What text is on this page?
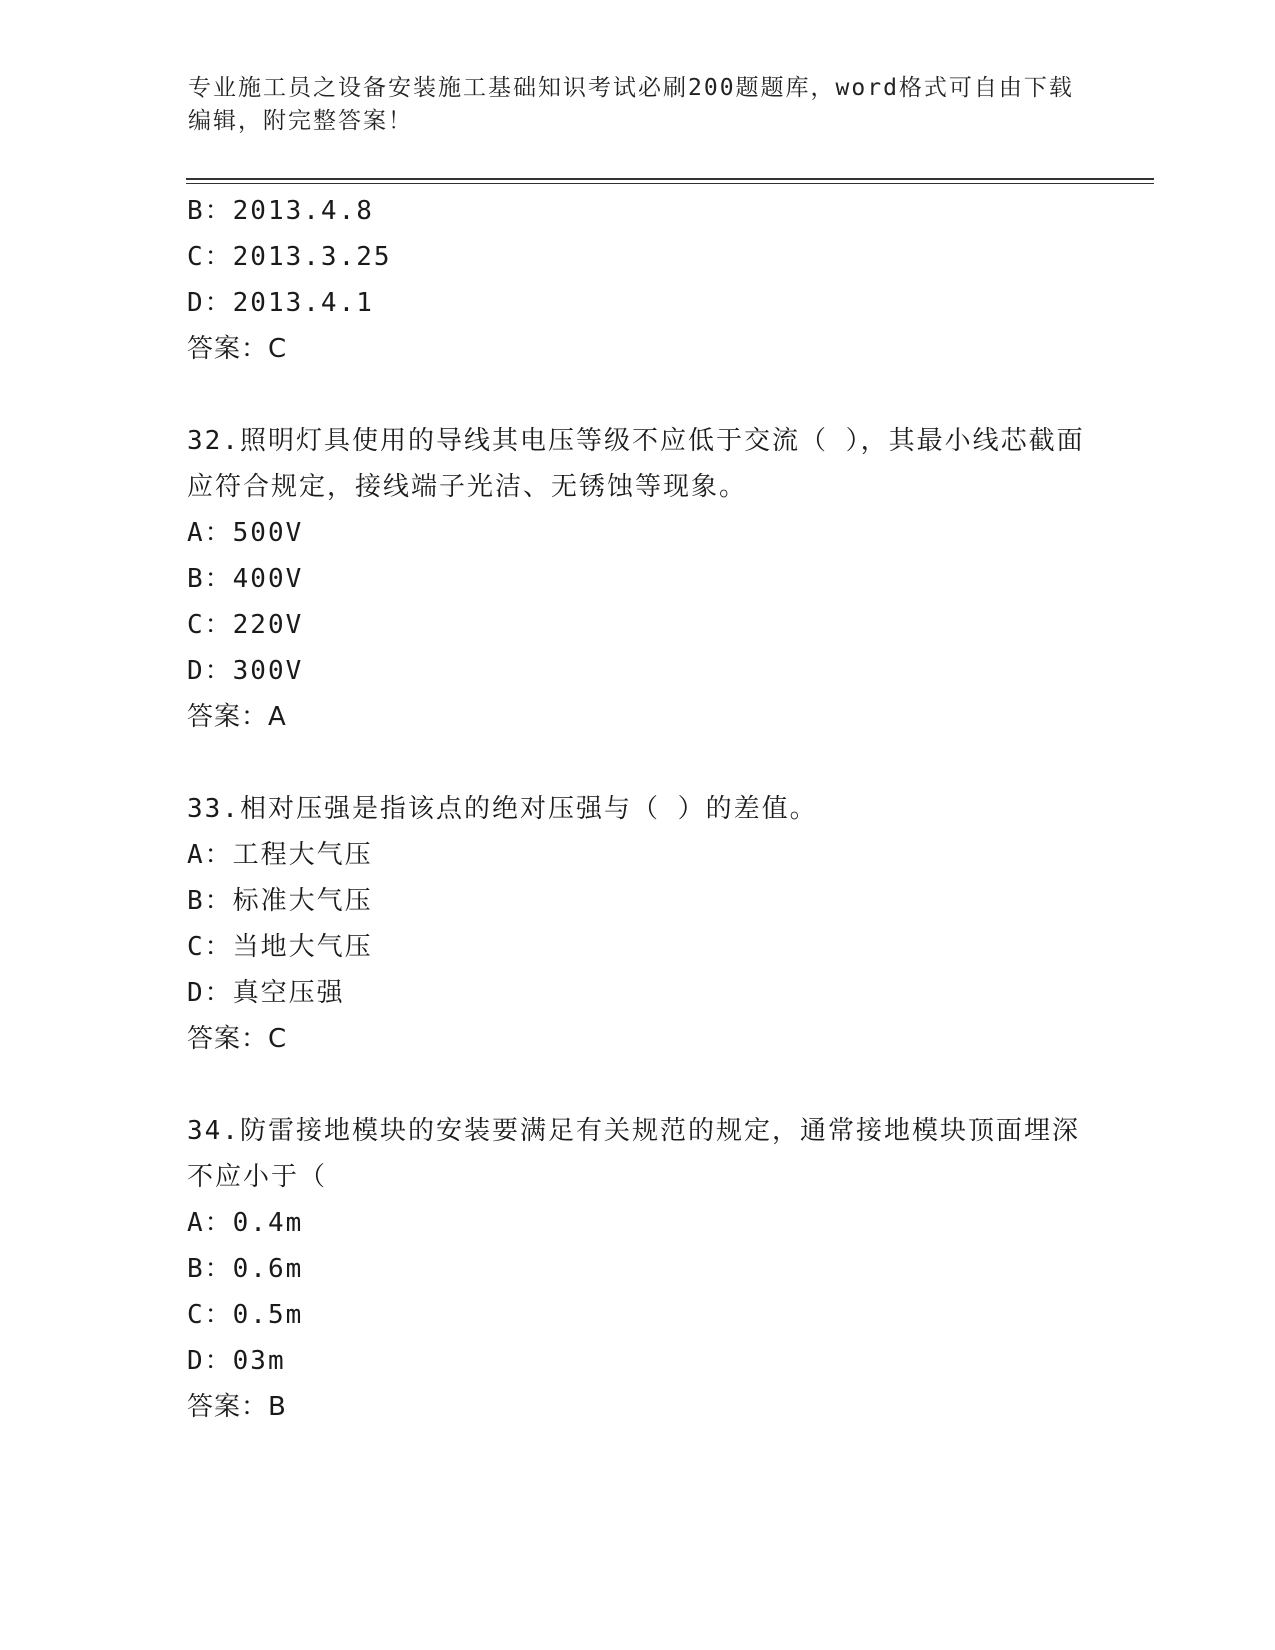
专业施工员之设备安装施工基础知识考试必刷200题题库，word格式可自由下载编辑，附完整答案！
B：2013.4.8
C：2013.3.25
D：2013.4.1
答案：C
32.照明灯具使用的导线其电压等级不应低于交流（ ），其最小线芯截面应符合规定，接线端子光洁、无锈蚀等现象。
A：500V
B：400V
C：220V
D：300V
答案：A
33.相对压强是指该点的绝对压强与（ ）的差值。
A：工程大气压
B：标准大气压
C：当地大气压
D：真空压强
答案：C
34.防雷接地模块的安装要满足有关规范的规定，通常接地模块顶面埋深不应小于（
A：0.4m
B：0.6m
C：0.5m
D：03m
答案：B
